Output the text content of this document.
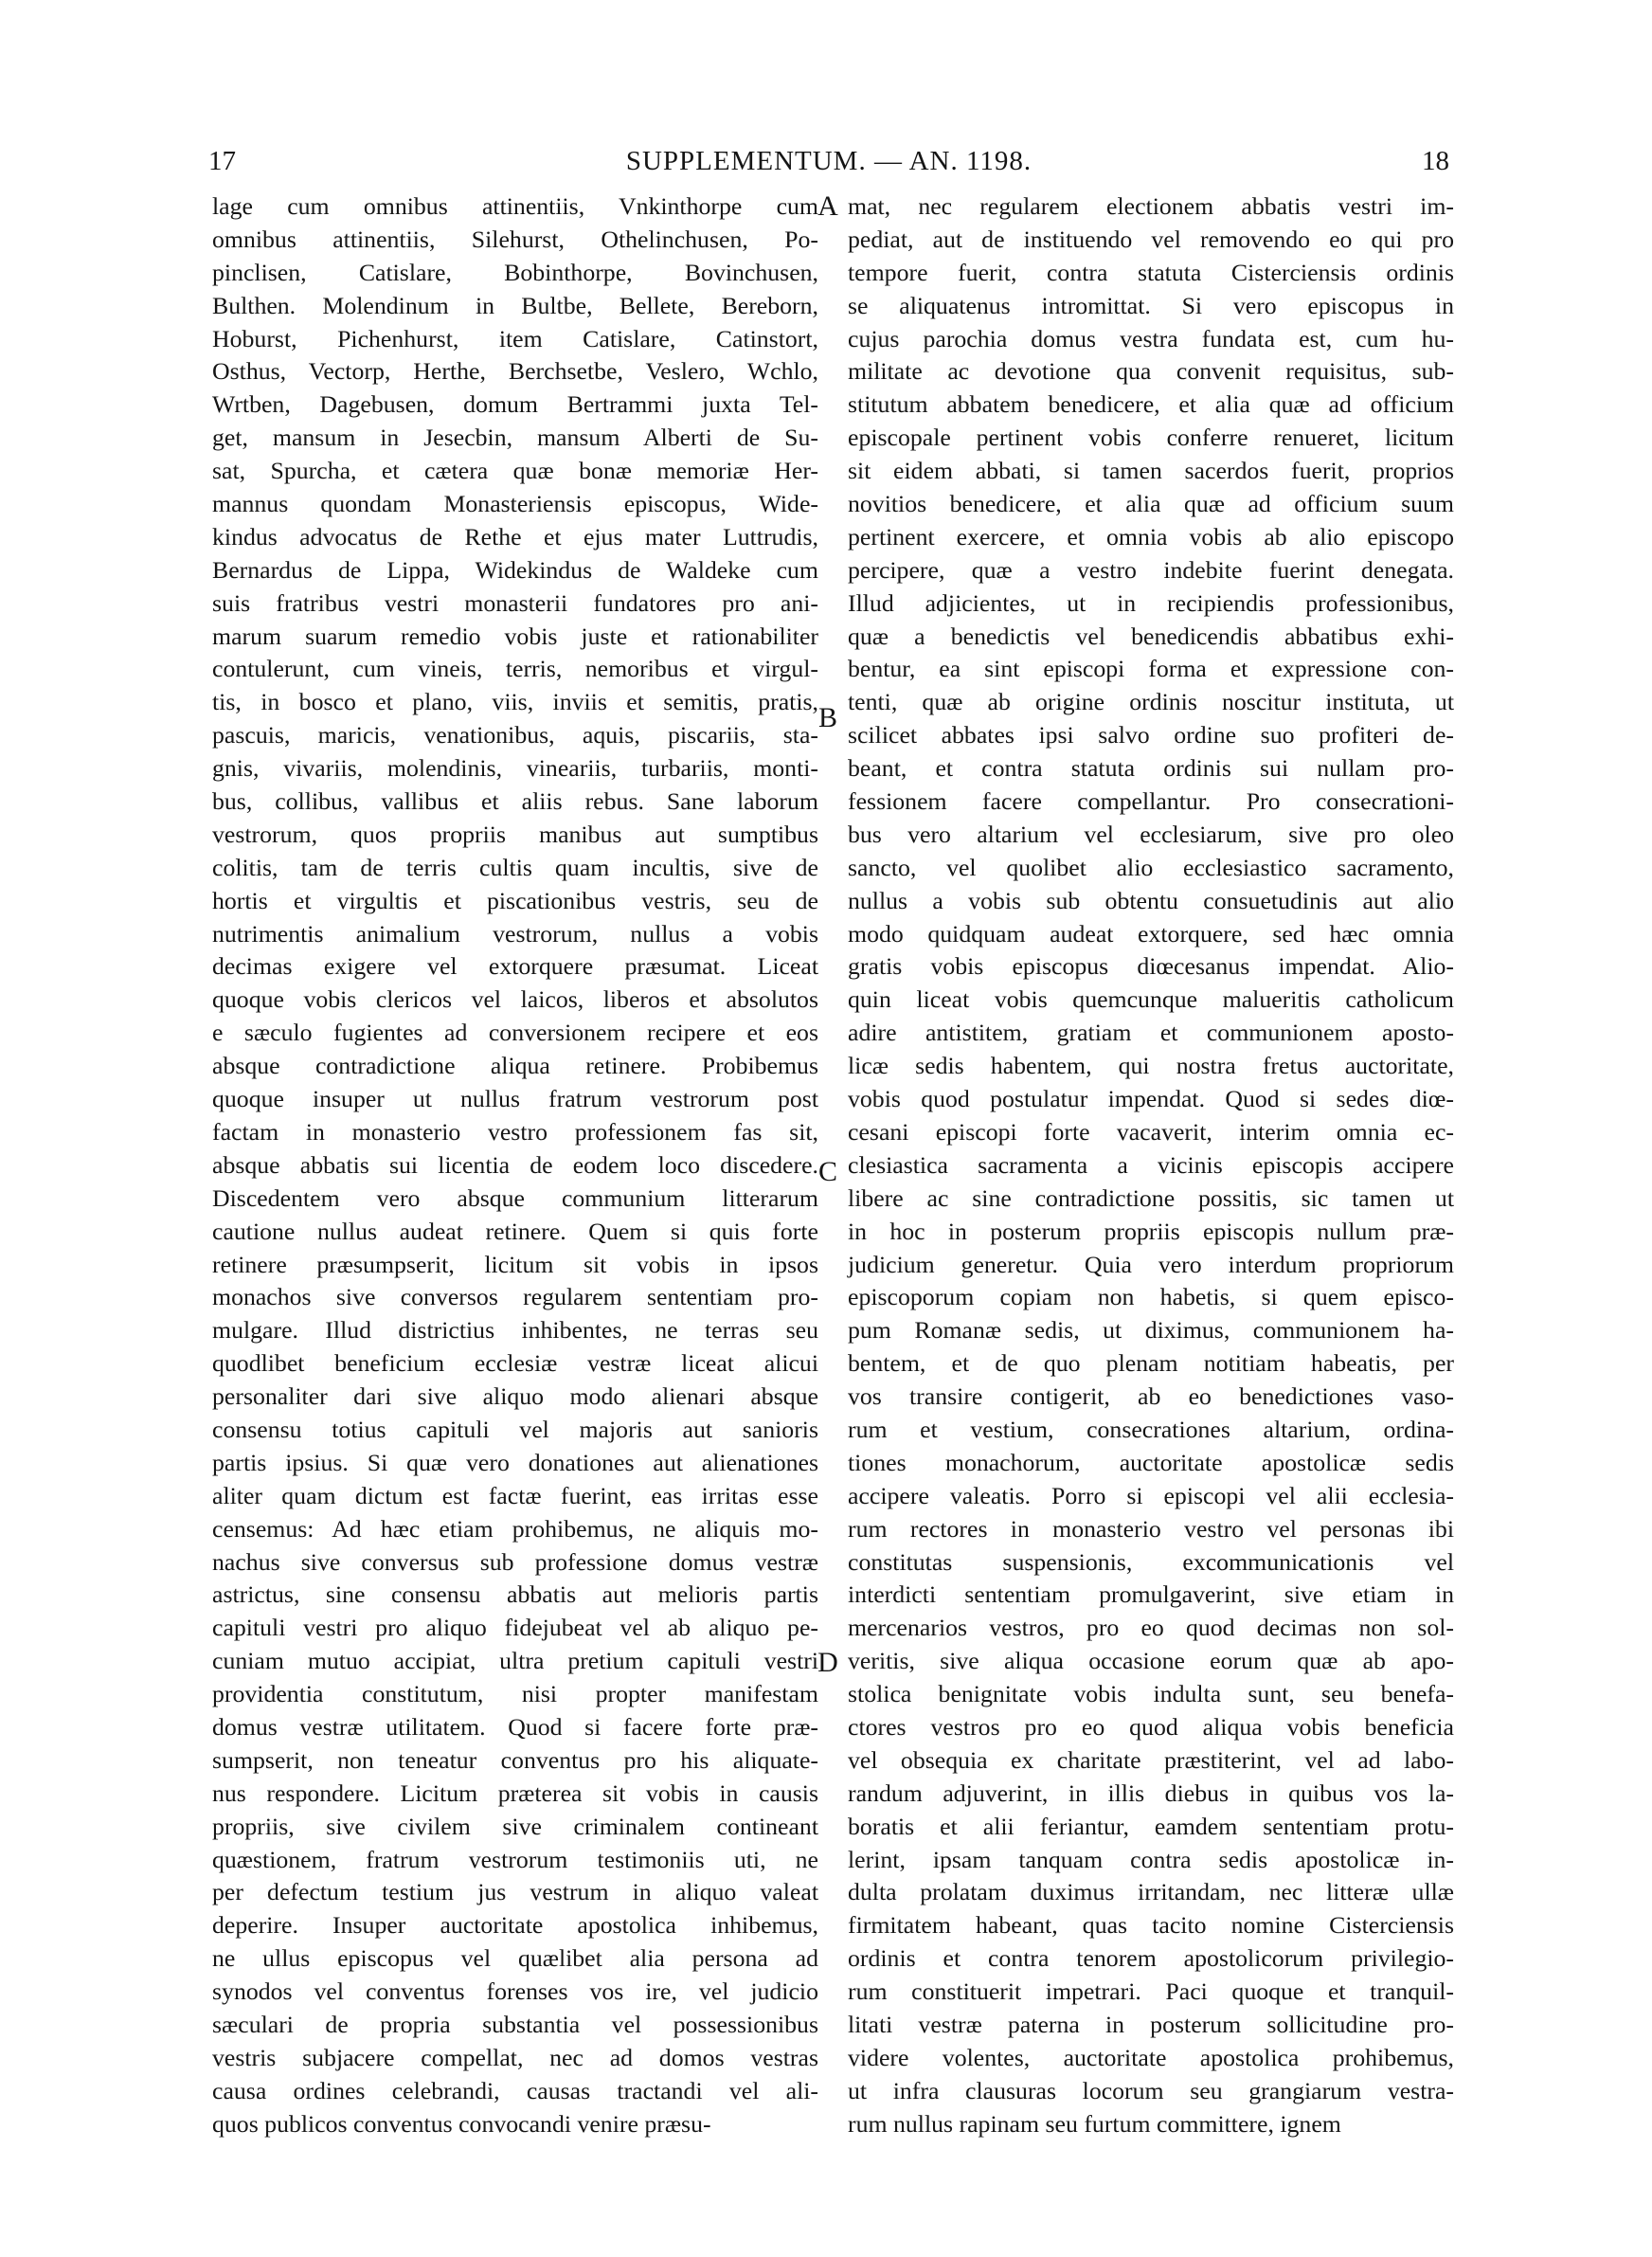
17	SUPPLEMENTUM. — AN. 1198.	18
lage cum omnibus attinentiis, Vnkinthorpe cum
omnibus attinentiis, Silehurst, Othelinchusen, Po-
pinclisen, Catislare, Bobinthorpe, Bovinchusen,
Bulthen. Molendinum in Bultbe, Bellete, Bereborn,
Hoburst, Pichenhurst, item Catislare, Catinstort,
Osthus, Vectorp, Herthe, Berchsetbe, Veslero, Wchlo,
Wrtben, Dagebusen, domum Bertrammi juxta Tel-
get, mansum in Jesecbin, mansum Alberti de Su-
sat, Spurcha, et cætera quæ bonæ memoriæ Her-
mannus quondam Monasteriensis episcopus, Wide-
kindus advocatus de Rethe et ejus mater Luttrudis,
Bernardus de Lippa, Widekindus de Waldeke cum
suis fratribus vestri monasterii fundatores pro ani-
marum suarum remedio vobis juste et rationabiliter
contulerunt, cum vineis, terris, nemoribus et virgul-
tis, in bosco et plano, viis, inviis et semitis, pratis,
pascuis, maricis, venationibus, aquis, piscariis, sta-
gnis, vivariis, molendinis, vineariis, turbariis, monti-
bus, collibus, vallibus et aliis rebus. Sane laborum
vestrorum, quos propriis manibus aut sumptibus
colitis, tam de terris cultis quam incultis, sive de
hortis et virgultis et piscationibus vestris, seu de
nutrimentis animalium vestrorum, nullus a vobis
decimas exigere vel extorquere præsumat. Liceat
quoque vobis clericos vel laicos, liberos et absolutos
e sæculo fugientes ad conversionem recipere et eos
absque contradictione aliqua retinere. Probibemus
quoque insuper ut nullus fratrum vestrorum post
factam in monasterio vestro professionem fas sit,
absque abbatis sui licentia de eodem loco discedere.
Discedentem vero absque communium litterarum
cautione nullus audeat retinere. Quem si quis forte
retinere præsumpserit, licitum sit vobis in ipsos
monachos sive conversos regularem sententiam pro-
mulgare. Illud districtius inhibentes, ne terras seu
quodlibet beneficium ecclesiæ vestræ liceat alicui
personaliter dari sive aliquo modo alienari absque
consensu totius capituli vel majoris aut sanioris
partis ipsius. Si quæ vero donationes aut alienationes
aliter quam dictum est factæ fuerint, eas irritas esse
censemus: Ad hæc etiam prohibemus, ne aliquis mo-
nachus sive conversus sub professione domus vestræ
astrictus, sine consensu abbatis aut melioris partis
capituli vestri pro aliquo fidejubeat vel ab aliquo pe-
cuniam mutuo accipiat, ultra pretium capituli vestri
providentia constitutum, nisi propter manifestam
domus vestræ utilitatem. Quod si facere forte præ-
sumpserit, non teneatur conventus pro his aliquate-
nus respondere. Licitum præterea sit vobis in causis
propriis, sive civilem sive criminalem contineant
quæstionem, fratrum vestrorum testimoniis uti, ne
per defectum testium jus vestrum in aliquo valeat
deperire. Insuper auctoritate apostolica inhibemus,
ne ullus episcopus vel quælibet alia persona ad
synodos vel conventus forenses vos ire, vel judicio
sæculari de propria substantia vel possessionibus
vestris subjacere compellat, nec ad domos vestras
causa ordines celebrandi, causas tractandi vel ali-
quos publicos conventus convocandi venire præsu-
mat, nec regularem electionem abbatis vestri im-
pediat, aut de instituendo vel removendo eo qui pro
tempore fuerit, contra statuta Cisterciensis ordinis
se aliquatenus intromittat. Si vero episcopus in
cujus parochia domus vestra fundata est, cum hu-
militate ac devotione qua convenit requisitus, sub-
stitutum abbatem benedicere, et alia quæ ad officium
episcopale pertinent vobis conferre renueret, licitum
sit eidem abbati, si tamen sacerdos fuerit, proprios
novitios benedicere, et alia quæ ad officium suum
pertinent exercere, et omnia vobis ab alio episcopo
percipere, quæ a vestro indebite fuerint denegata.
Illud adjicientes, ut in recipiendis professionibus,
quæ a benedictis vel benedicendis abbatibus exhi-
bentur, ea sint episcopi forma et expressione con-
tenti, quæ ab origine ordinis noscitur instituta, ut
scilicet abbates ipsi salvo ordine suo profiteri de-
beant, et contra statuta ordinis sui nullam pro-
fessionem facere compellantur. Pro consecrationi-
bus vero altarium vel ecclesiarum, sive pro oleo
sancto, vel quolibet alio ecclesiastico sacramento,
nullus a vobis sub obtentu consuetudinis aut alio
modo quidquam audeat extorquere, sed hæc omnia
gratis vobis episcopus diœcesanus impendat. Alio-
quin liceat vobis quemcunque malueritis catholicum
adire antistitem, gratiam et communionem aposto-
licæ sedis habentem, qui nostra fretus auctoritate,
vobis quod postulatur impendat. Quod si sedes diœ-
cesani episcopi forte vacaverit, interim omnia ec-
clesiastica sacramenta a vicinis episcopis accipere
libere ac sine contradictione possitis, sic tamen ut
in hoc in posterum propriis episcopis nullum præ-
judicium generetur. Quia vero interdum propriorum
episcoporum copiam non habetis, si quem episco-
pum Romanæ sedis, ut diximus, communionem ha-
bentem, et de quo plenam notitiam habeatis, per
vos transire contigerit, ab eo benedictiones vaso-
rum et vestium, consecrationes altarium, ordina-
tiones monachorum, auctoritate apostolicæ sedis
accipere valeatis. Porro si episcopi vel alii ecclesia-
rum rectores in monasterio vestro vel personas ibi
constitutas suspensionis, excommunicationis vel
interdicti sententiam promulgaverint, sive etiam in
mercenarios vestros, pro eo quod decimas non sol-
veritis, sive aliqua occasione eorum quæ ab apo-
stolica benignitate vobis indulta sunt, seu benefa-
ctores vestros pro eo quod aliqua vobis beneficia
vel obsequia ex charitate præstiterint, vel ad labo-
randum adjuverint, in illis diebus in quibus vos la-
boratis et alii feriantur, eamdem sententiam protu-
lerint, ipsam tanquam contra sedis apostolicæ in-
dulta prolatam duximus irritandam, nec litteræ ullæ
firmitatem habeant, quas tacito nomine Cisterciensis
ordinis et contra tenorem apostolicorum privilegio-
rum constituerit impetrari. Paci quoque et tranquil-
litati vestræ paterna in posterum sollicitudine pro-
videre volentes, auctoritate apostolica prohibemus,
ut infra clausuras locorum seu grangiarum vestra-
rum nullus rapinam seu furtum committere, ignem
A
B
C
D
